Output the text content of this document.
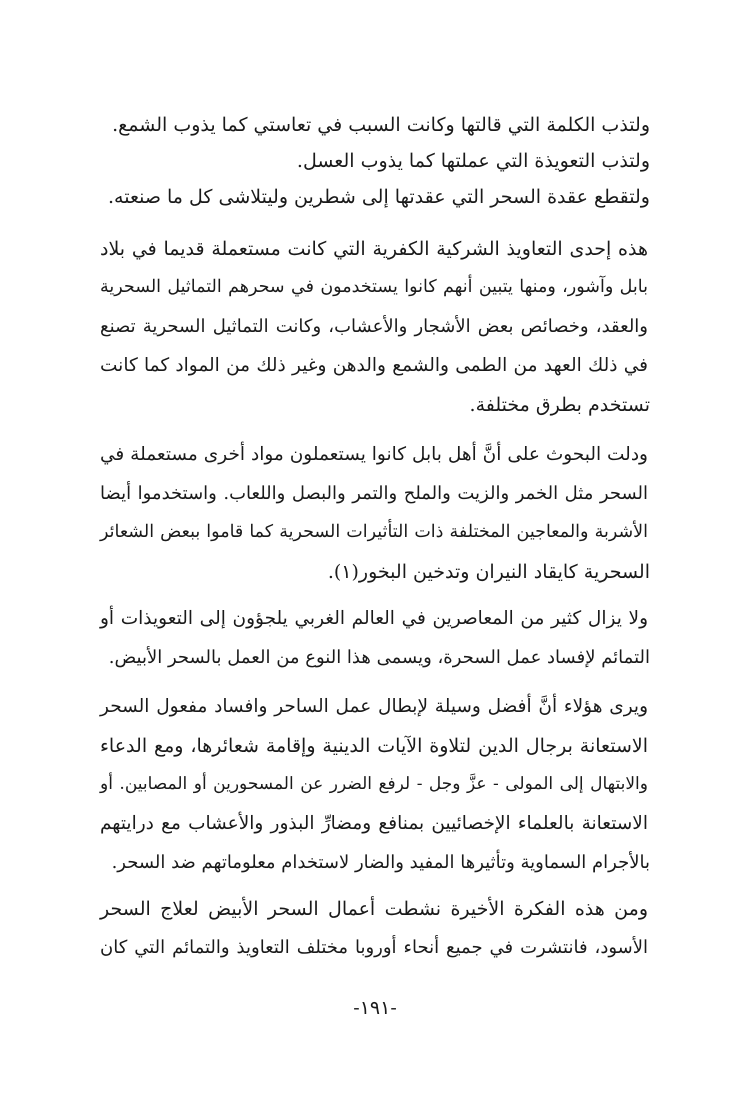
ولتذب الكلمة التي قالتها وكانت السبب في تعاستي كما يذوب الشمع.
ولتذب التعويذة التي عملتها كما يذوب العسل.
ولتقطع عقدة السحر التي عقدتها إلى شطرين وليتلاشى كل ما صنعته.
هذه إحدى التعاويذ الشركية الكفرية التي كانت مستعملة قديما في بلاد
بابل وآشور، ومنها يتبين أنهم كانوا يستخدمون في سحرهم التماثيل السحرية
والعقد، وخصائص بعض الأشجار والأعشاب، وكانت التماثيل السحرية تصنع
في ذلك العهد من الطمى والشمع والدهن وغير ذلك من المواد كما كانت
تستخدم بطرق مختلفة.
ودلت البحوث على أنَّ أهل بابل كانوا يستعملون مواد أخرى مستعملة في
السحر مثل الخمر والزيت والملح والتمر والبصل واللعاب. واستخدموا أيضا
الأشربة والمعاجين المختلفة ذات التأثيرات السحرية كما قاموا ببعض الشعائر
السحرية كايقاد النيران وتدخين البخور(١).
ولا يزال كثير من المعاصرين في العالم الغربي يلجؤون إلى التعويذات أو
التمائم لإفساد عمل السحرة، ويسمى هذا النوع من العمل بالسحر الأبيض.
ويرى هؤلاء أنَّ أفضل وسيلة لإبطال عمل الساحر وافساد مفعول السحر
الاستعانة برجال الدين لتلاوة الآيات الدينية وإقامة شعائرها، ومع الدعاء
والابتهال إلى المولى - عزَّ وجل - لرفع الضرر عن المسحورين أو المصابين. أو
الاستعانة بالعلماء الإخصائيين بمنافع ومضارِّ البذور والأعشاب مع درايتهم
بالأجرام السماوية وتأثيرها المفيد والضار لاستخدام معلوماتهم ضد السحر.
ومن هذه الفكرة الأخيرة نشطت أعمال السحر الأبيض لعلاج السحر
الأسود، فانتشرت في جميع أنحاء أوروبا مختلف التعاويذ والتمائم التي كان
-١٩١-
